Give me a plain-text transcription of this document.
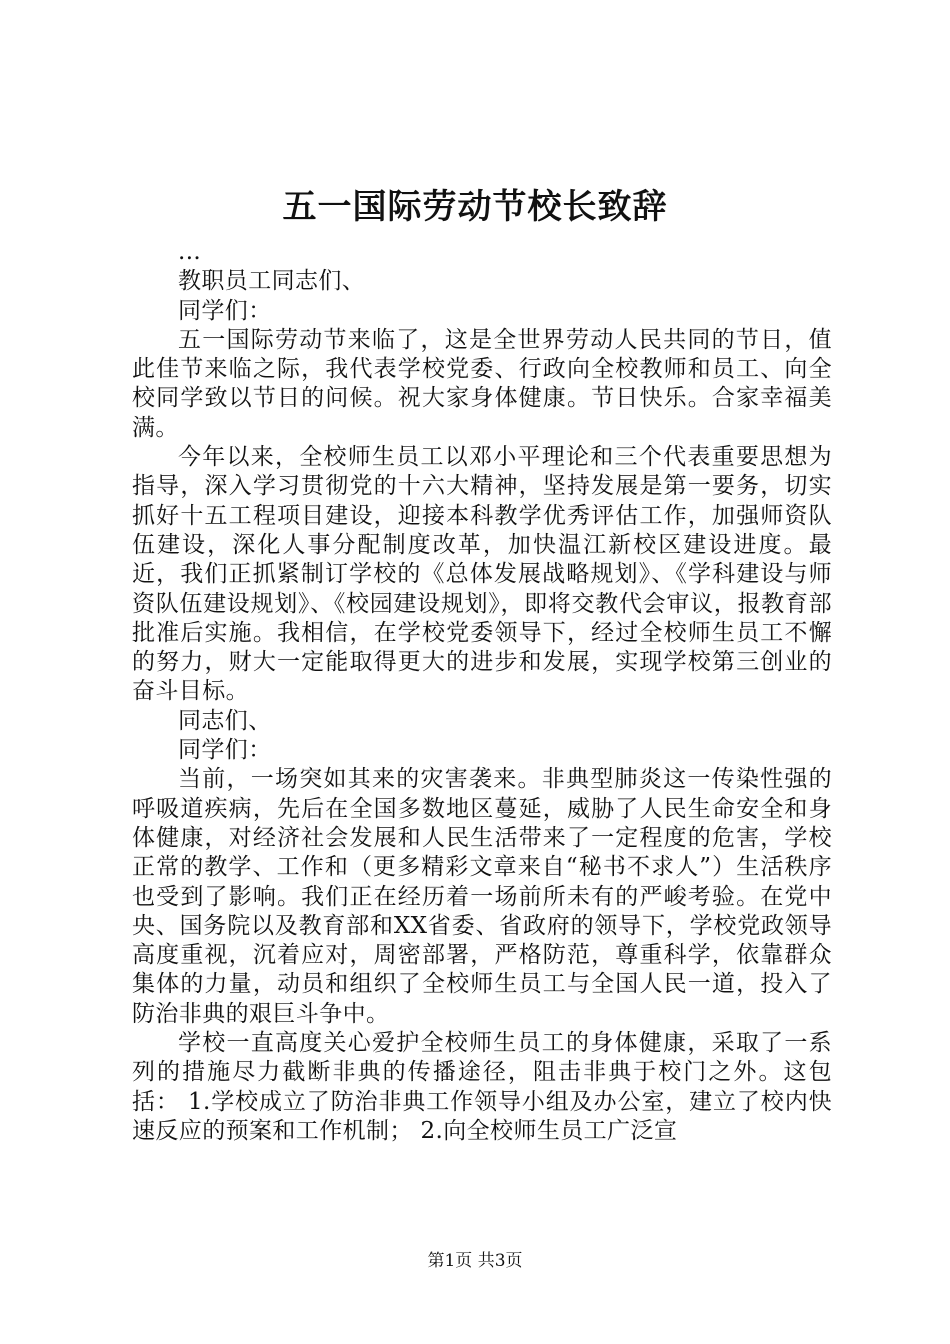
五一国际劳动节校长致辞

...

教职员工同志们、

同学们：

五一国际劳动节来临了，这是全世界劳动人民共同的节日，值此佳节来临之际，我代表学校党委、行政向全校教师和员工、向全校同学致以节日的问候。祝大家身体健康。节日快乐。合家幸福美满。

今年以来，全校师生员工以邓小平理论和三个代表重要思想为指导，深入学习贯彻党的十六大精神，坚持发展是第一要务，切实抓好十五工程项目建设，迎接本科教学优秀评估工作，加强师资队伍建设，深化人事分配制度改革，加快温江新校区建设进度。最近，我们正抓紧制订学校的《总体发展战略规划》、《学科建设与师资队伍建设规划》、《校园建设规划》，即将交教代会审议，报教育部批准后实施。我相信，在学校党委领导下，经过全校师生员工不懈的努力，财大一定能取得更大的进步和发展，实现学校第三创业的奋斗目标。

同志们、

同学们：

当前，一场突如其来的灾害袭来。非典型肺炎这一传染性强的呼吸道疾病，先后在全国多数地区蔓延，威胁了人民生命安全和身体健康，对经济社会发展和人民生活带来了一定程度的危害，学校正常的教学、工作和（更多精彩文章来自“秘书不求人”）生活秩序也受到了影响。我们正在经历着一场前所未有的严峻考验。在党中央、国务院以及教育部和XX省委、省政府的领导下，学校党政领导高度重视，沉着应对，周密部署，严格防范，尊重科学，依靠群众集体的力量，动员和组织了全校师生员工与全国人民一道，投入了防治非典的艰巨斗争中。

学校一直高度关心爱护全校师生员工的身体健康，采取了一系列的措施尽力截断非典的传播途径，阻击非典于校门之外。这包括： 1.学校成立了防治非典工作领导小组及办公室，建立了校内快速反应的预案和工作机制； 2.向全校师生员工广泛宣

第1页 共3页
